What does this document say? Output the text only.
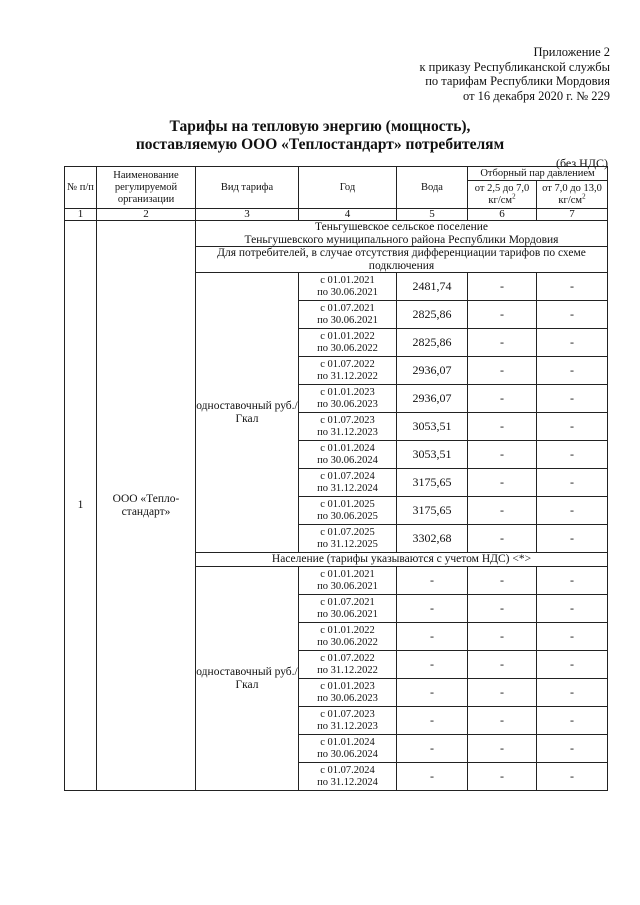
Приложение 2
к приказу Республиканской службы
по тарифам Республики Мордовия
от 16 декабря 2020 г. № 229
Тарифы на тепловую энергию (мощность),
поставляемую ООО «Теплостандарт» потребителям
(без НДС)
№ п/п	Наименование регулируемой организации	Вид тарифа	Год	Вода	Отборный пар давлением	
					от 2,5 до 7,0 $кг/см^2$	от 7,0 до 13,0 $кг/см^2$
1	2	3	4	5	6	7
1	ООО «Тепло-стандарт»	Теньгушевское сельское поселение
Теньгушевского муниципального района Республики Мордовия				

		Для потребителей, в случае отсутствия дифференциации тарифов по схеме подключения				
		одноставочный руб./Гкал	с 01.01.2021
по 30.06.2021	2481,74	-	-

			с 01.07.2021
по 30.06.2021	2825,86	-	-

			с 01.01.2022
по 30.06.2022	2825,86	-	-

			с 01.07.2022
по 31.12.2022	2936,07	-	-

			с 01.01.2023
по 30.06.2023	2936,07	-	-

			с 01.07.2023
по 31.12.2023	3053,51	-	-

			с 01.01.2024
по 30.06.2024	3053,51	-	-

			с 01.07.2024
по 31.12.2024	3175,65	-	-

			с 01.01.2025
по 30.06.2025	3175,65	-	-

			с 01.07.2025
по 31.12.2025	3302,68	-	-
		Население (тарифы указываются с учетом НДС) <*>				
		одноставочный руб./Гкал	с 01.01.2021
по 30.06.2021	-	-	-

			с 01.07.2021
по 30.06.2021	-	-	-

			с 01.01.2022
по 30.06.2022	-	-	-

			с 01.07.2022
по 31.12.2022	-	-	-

			с 01.01.2023
по 30.06.2023	-	-	-

			с 01.07.2023
по 31.12.2023	-	-	-

			с 01.01.2024
по 30.06.2024	-	-	-

			с 01.07.2024
по 31.12.2024	-	-	-
